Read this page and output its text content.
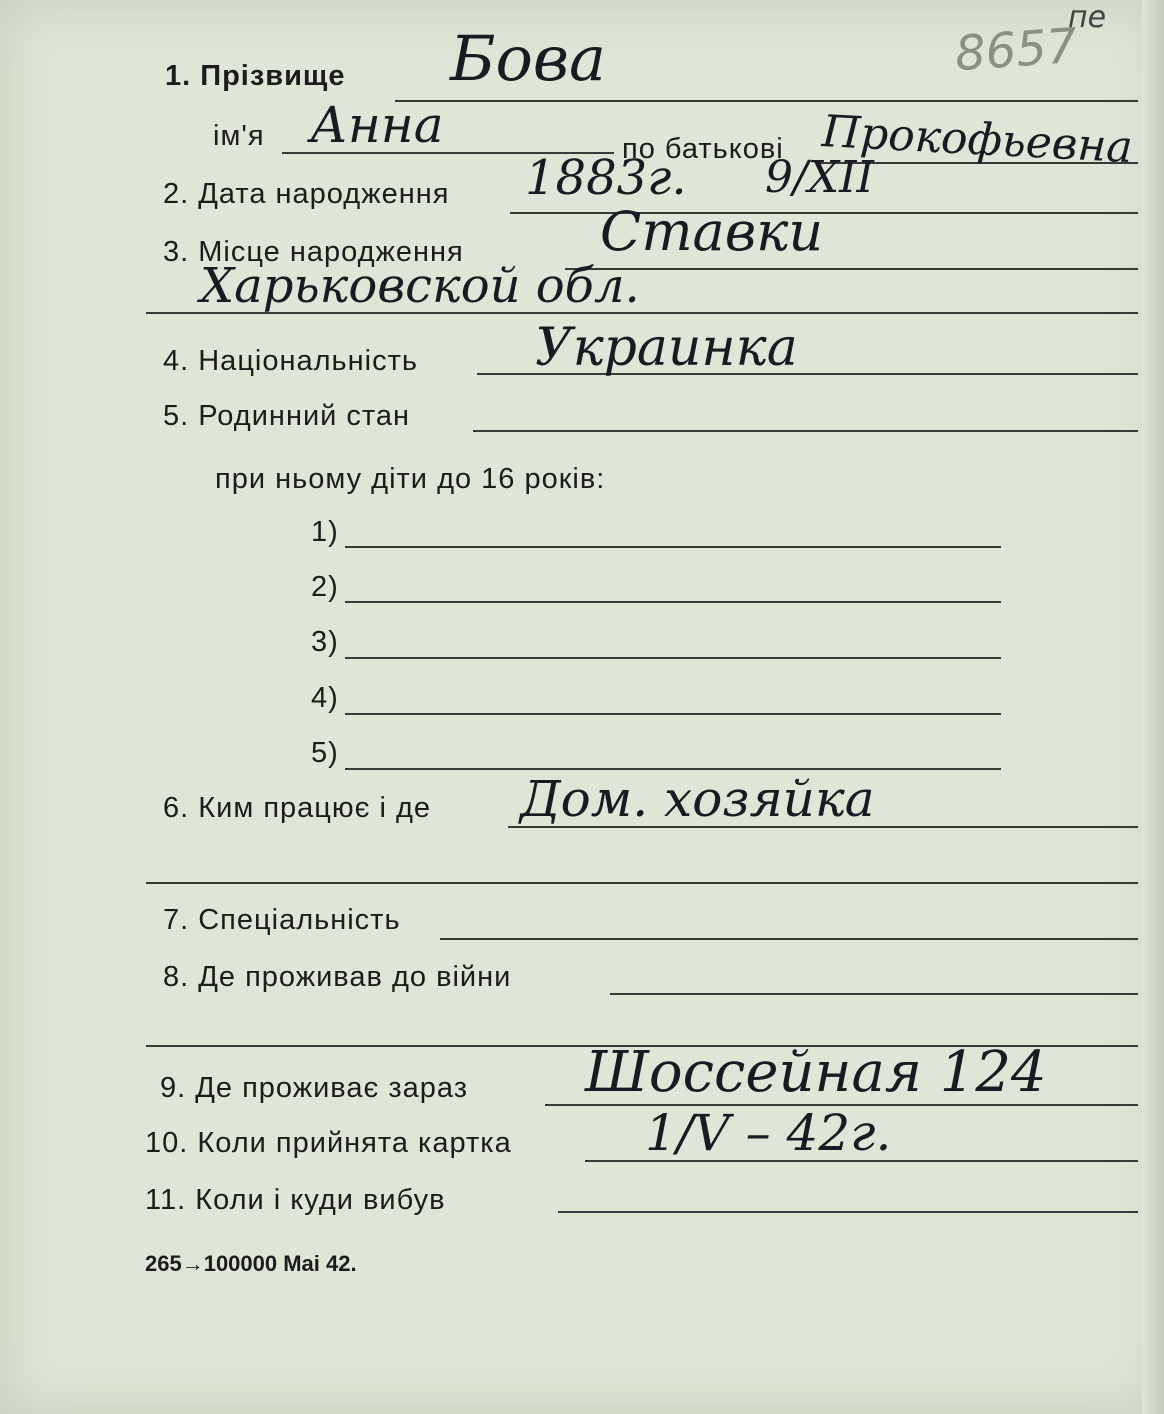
8657
пе
1. Прізвище Бова
ім'я Анна	по батькові Прокофьевна
2. Дата народження 1883г. 9/XII
3. Місце народження	Ставки
Харьковской обл.
4. Національність Украинка
5. Родинний стан
при ньому діти до 16 років:
1)
2)
3)
4)
5)
6. Ким працює і де Дом. хозяйка
7. Спеціальність
8. Де проживав до війни
9. Де проживає зараз Шоссейная 124
10. Коли прийнята картка	1/V – 42г.
11. Коли і куди вибув
265→100000 Mai 42.
